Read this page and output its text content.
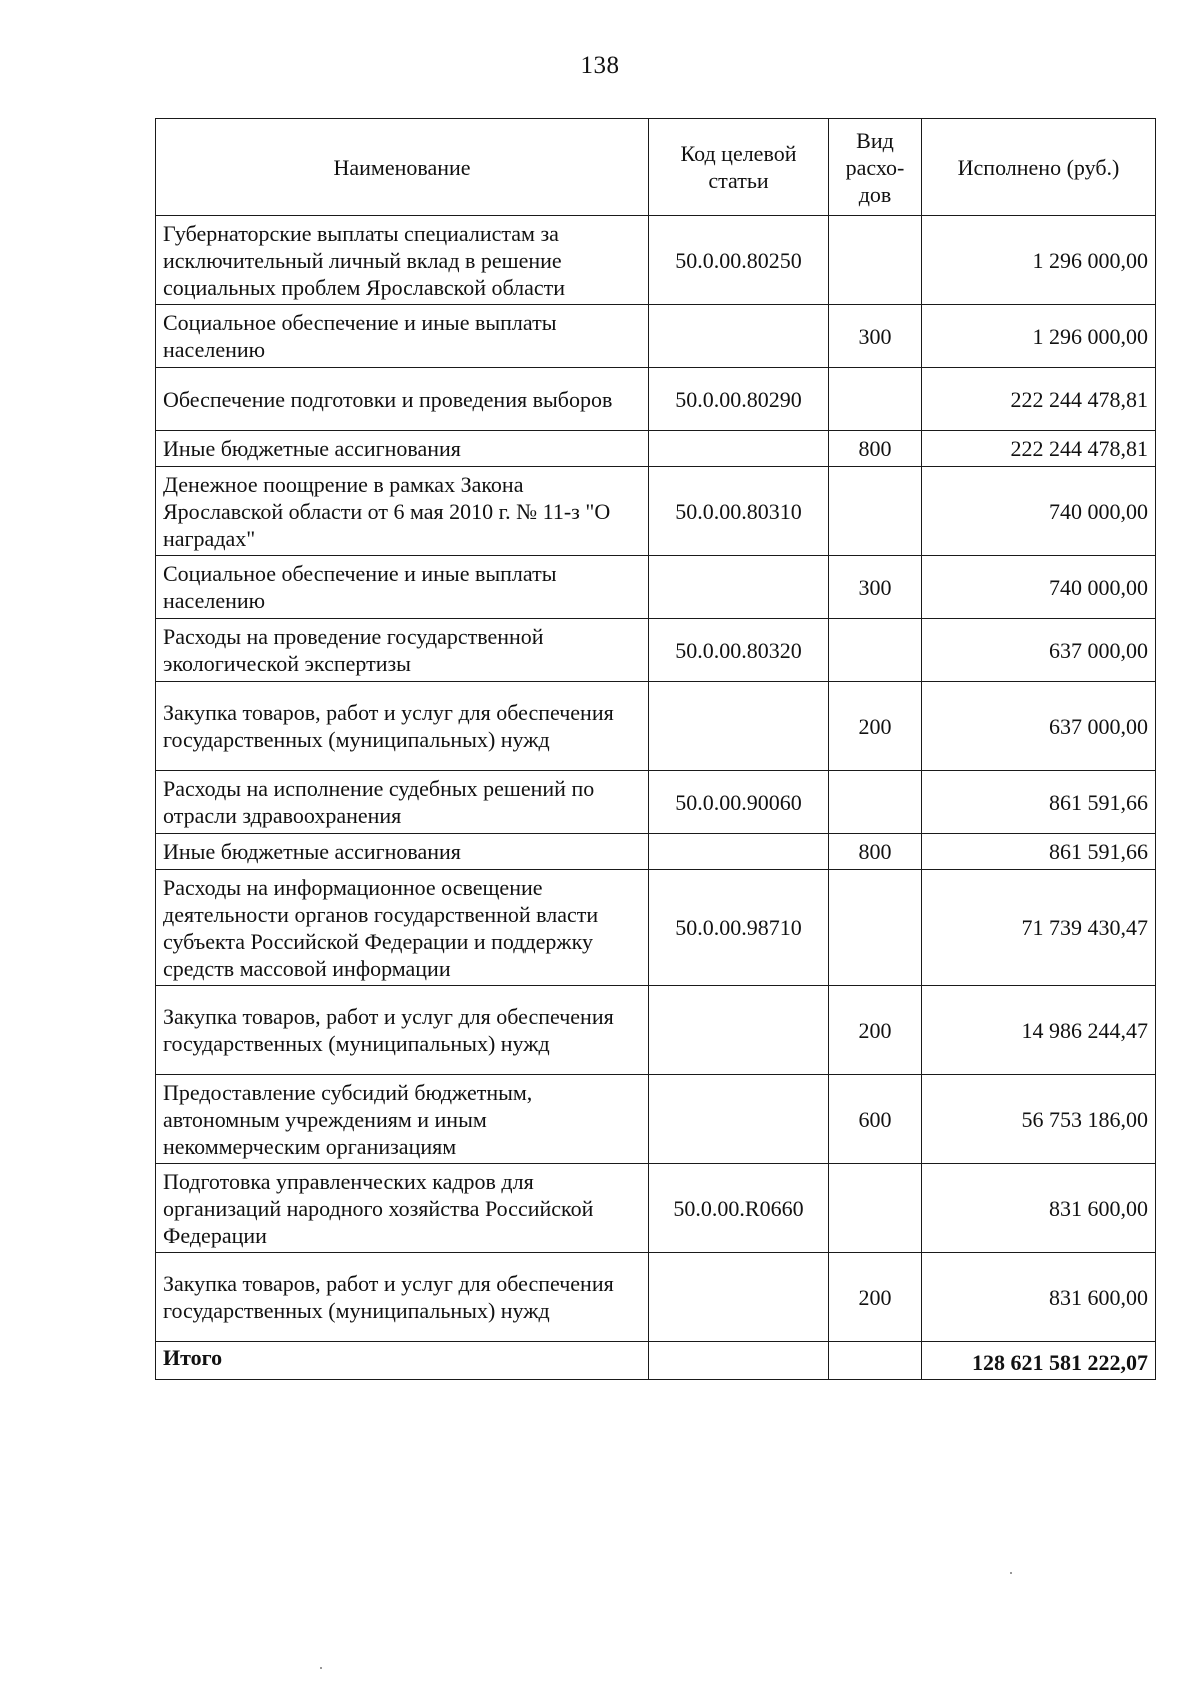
138
Наименование	Код целевой статьи	Вид расхо-дов	Исполнено (руб.)
Губернаторские выплаты специалистам за исключительный личный вклад в решение социальных проблем Ярославской области	50.0.00.80250		1 296 000,00
Социальное обеспечение и иные выплаты населению		300	1 296 000,00
Обеспечение подготовки и проведения выборов	50.0.00.80290		222 244 478,81
Иные бюджетные ассигнования		800	222 244 478,81
Денежное поощрение в рамках Закона Ярославской области от 6 мая 2010 г. № 11-з "О наградах"	50.0.00.80310		740 000,00
Социальное обеспечение и иные выплаты населению		300	740 000,00
Расходы на проведение государственной экологической экспертизы	50.0.00.80320		637 000,00
Закупка товаров, работ и услуг для обеспечения государственных (муниципальных) нужд		200	637 000,00
Расходы на исполнение судебных решений по отрасли здравоохранения	50.0.00.90060		861 591,66
Иные бюджетные ассигнования		800	861 591,66
Расходы на информационное освещение деятельности органов государственной власти субъекта Российской Федерации и поддержку средств массовой информации	50.0.00.98710		71 739 430,47
Закупка товаров, работ и услуг для обеспечения государственных (муниципальных) нужд		200	14 986 244,47
Предоставление субсидий бюджетным, автономным учреждениям и иным некоммерческим организациям		600	56 753 186,00
Подготовка управленческих кадров для организаций народного хозяйства Российской Федерации	50.0.00.R0660		831 600,00
Закупка товаров, работ и услуг для обеспечения государственных (муниципальных) нужд		200	831 600,00
Итого			128 621 581 222,07
